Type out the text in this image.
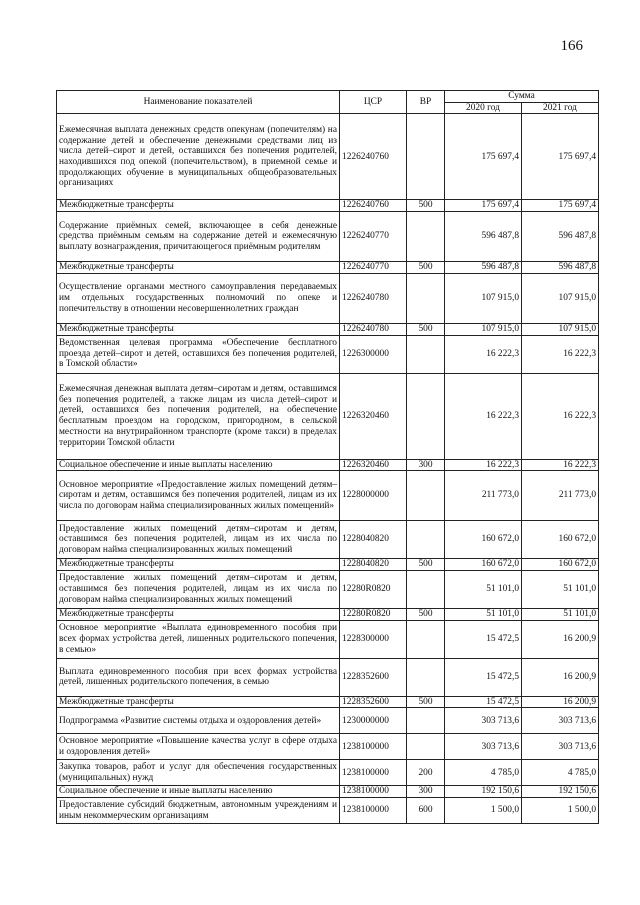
166
Наименование показателей	ЦСР	ВР	Сумма	
			2020 год	2021 год
Ежемесячная выплата денежных средств опекунам (попечителям) на содержание детей и обеспечение денежными средствами лиц из числа детей–сирот и детей, оставшихся без попечения родителей, находившихся под опекой (попечительством), в приемной семье и продолжающих обучение в муниципальных общеобразовательных организациях	1226240760		175 697,4	175 697,4
Межбюджетные трансферты	1226240760	500	175 697,4	175 697,4
Содержание приёмных семей, включающее в себя денежные средства приёмным семьям на содержание детей и ежемесячную выплату вознаграждения, причитающегося приёмным родителям	1226240770		596 487,8	596 487,8
Межбюджетные трансферты	1226240770	500	596 487,8	596 487,8
Осуществление органами местного самоуправления передаваемых им отдельных государственных полномочий по опеке и попечительству в отношении несовершеннолетних граждан	1226240780		107 915,0	107 915,0
Межбюджетные трансферты	1226240780	500	107 915,0	107 915,0
Ведомственная целевая программа «Обеспечение бесплатного проезда детей–сирот и детей, оставшихся без попечения родителей, в Томской области»	1226300000		16 222,3	16 222,3
Ежемесячная денежная выплата детям–сиротам и детям, оставшимся без попечения родителей, а также лицам из числа детей–сирот и детей, оставшихся без попечения родителей, на обеспечение бесплатным проездом на городском, пригородном, в сельской местности на внутрирайонном транспорте (кроме такси) в пределах территории Томской области	1226320460		16 222,3	16 222,3
Социальное обеспечение и иные выплаты населению	1226320460	300	16 222,3	16 222,3
Основное мероприятие «Предоставление жилых помещений детям–сиротам и детям, оставшимся без попечения родителей, лицам из их числа по договорам найма специализированных жилых помещений»	1228000000		211 773,0	211 773,0
Предоставление жилых помещений детям–сиротам и детям, оставшимся без попечения родителей, лицам из их числа по договорам найма специализированных жилых помещений	1228040820		160 672,0	160 672,0
Межбюджетные трансферты	1228040820	500	160 672,0	160 672,0
Предоставление жилых помещений детям–сиротам и детям, оставшимся без попечения родителей, лицам из их числа по договорам найма специализированных жилых помещений	12280R0820		51 101,0	51 101,0
Межбюджетные трансферты	12280R0820	500	51 101,0	51 101,0
Основное мероприятие «Выплата единовременного пособия при всех формах устройства детей, лишенных родительского попечения, в семью»	1228300000		15 472,5	16 200,9
Выплата единовременного пособия при всех формах устройства детей, лишенных родительского попечения, в семью	1228352600		15 472,5	16 200,9
Межбюджетные трансферты	1228352600	500	15 472,5	16 200,9
Подпрограмма «Развитие системы отдыха и оздоровления детей»	1230000000		303 713,6	303 713,6
Основное мероприятие «Повышение качества услуг в сфере отдыха и оздоровления детей»	1238100000		303 713,6	303 713,6
Закупка товаров, работ и услуг для обеспечения государственных (муниципальных) нужд	1238100000	200	4 785,0	4 785,0
Социальное обеспечение и иные выплаты населению	1238100000	300	192 150,6	192 150,6
Предоставление субсидий бюджетным, автономным учреждениям и иным некоммерческим организациям	1238100000	600	1 500,0	1 500,0
